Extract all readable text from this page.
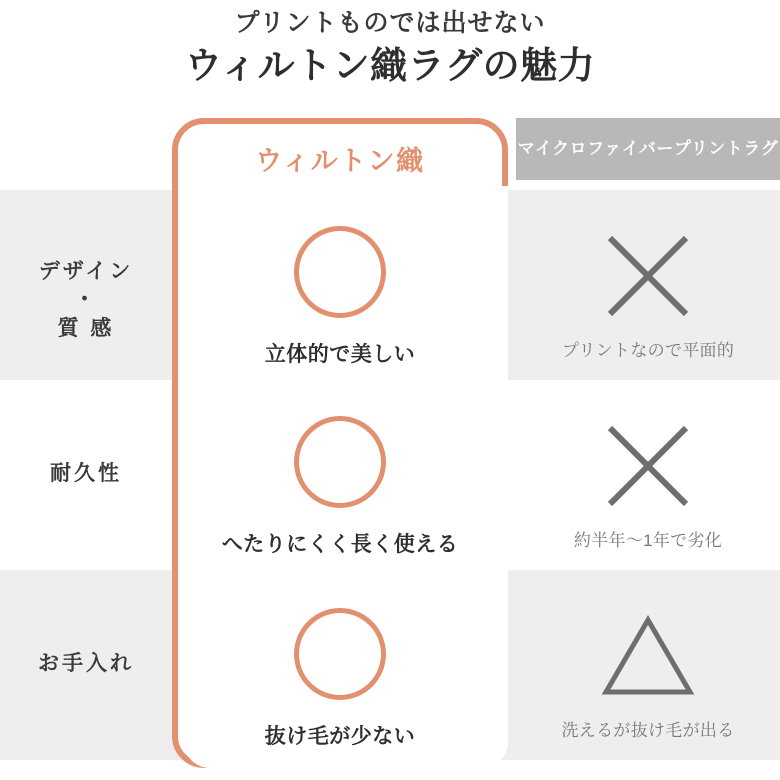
プリントものでは出せない
ウィルトン織ラグの魅力
マイクロファイバー プリントラグ
ウィルトン織
デザイン
・
質 感
耐久性
お手入れ
立体的で美しい
へたりにくく長く使える
抜け毛が少ない
プリントなので平面的
約半年〜1年で劣化
洗えるが抜け毛が出る
